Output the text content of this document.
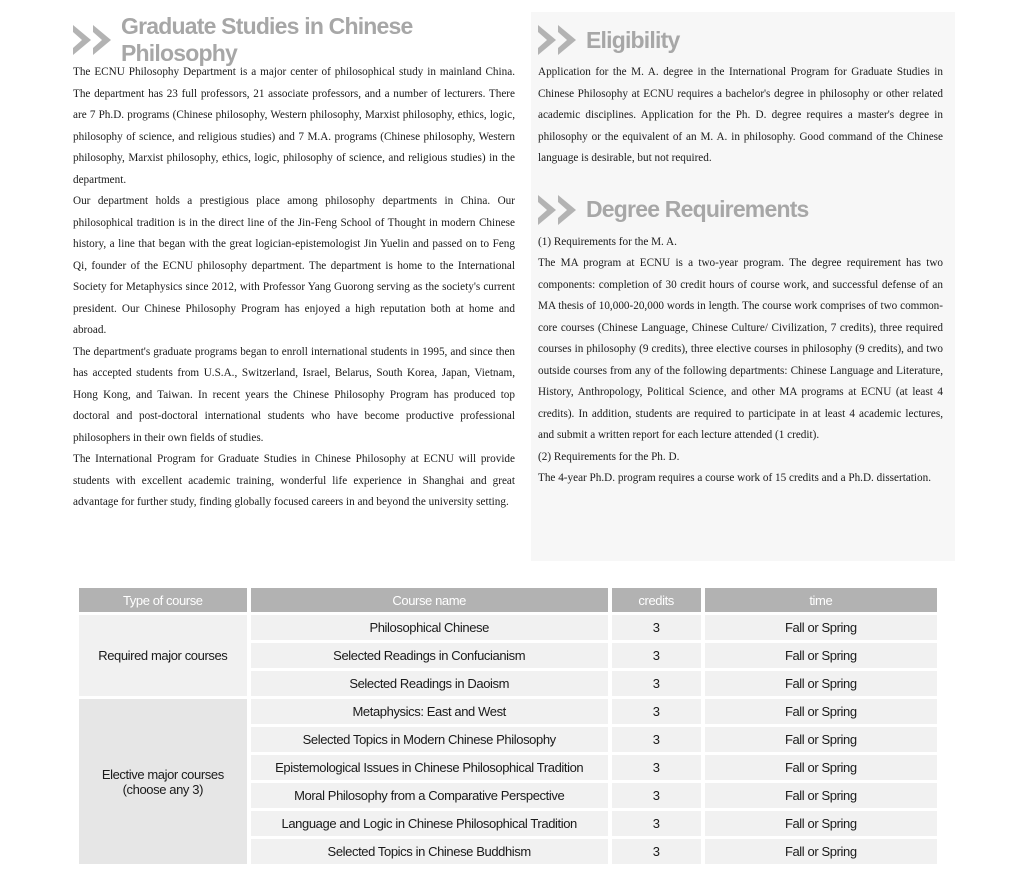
Graduate Studies in Chinese Philosophy

The ECNU Philosophy Department is a major center of philosophical study in mainland China. The department has 23 full professors, 21 associate professors, and a number of lecturers. There are 7 Ph.D. programs (Chinese philosophy, Western philosophy, Marxist philosophy, ethics, logic, philosophy of science, and religious studies) and 7 M.A. programs (Chinese philosophy, Western philosophy, Marxist philosophy, ethics, logic, philosophy of science, and religious studies) in the department.

Our department holds a prestigious place among philosophy departments in China. Our philosophical tradition is in the direct line of the Jin-Feng School of Thought in modern Chinese history, a line that began with the great logician-epistemologist Jin Yuelin and passed on to Feng Qi, founder of the ECNU philosophy department. The department is home to the International Society for Metaphysics since 2012, with Professor Yang Guorong serving as the society's current president. Our Chinese Philosophy Program has enjoyed a high reputation both at home and abroad.

The department's graduate programs began to enroll international students in 1995, and since then has accepted students from U.S.A., Switzerland, Israel, Belarus, South Korea, Japan, Vietnam, Hong Kong, and Taiwan. In recent years the Chinese Philosophy Program has produced top doctoral and post-doctoral international students who have become productive professional philosophers in their own fields of studies.

The International Program for Graduate Studies in Chinese Philosophy at ECNU will provide students with excellent academic training, wonderful life experience in Shanghai and great advantage for further study, finding globally focused careers in and beyond the university setting.

Eligibility

Application for the M. A. degree in the International Program for Graduate Studies in Chinese Philosophy at ECNU requires a bachelor's degree in philosophy or other related academic disciplines. Application for the Ph. D. degree requires a master's degree in philosophy or the equivalent of an M. A. in philosophy. Good command of the Chinese language is desirable, but not required.

Degree Requirements

(1) Requirements for the M. A.

The MA program at ECNU is a two-year program. The degree requirement has two components: completion of 30 credit hours of course work, and successful defense of an MA thesis of 10,000-20,000 words in length. The course work comprises of two common-core courses (Chinese Language, Chinese Culture/ Civilization, 7 credits), three required courses in philosophy (9 credits), three elective courses in philosophy (9 credits), and two outside courses from any of the following departments: Chinese Language and Literature, History, Anthropology, Political Science, and other MA programs at ECNU (at least 4 credits). In addition, students are required to participate in at least 4 academic lectures, and submit a written report for each lecture attended (1 credit).

(2) Requirements for the Ph. D.

The 4-year Ph.D. program requires a course work of 15 credits and a Ph.D. dissertation.

Type of course	Course name	credits	time
Required major courses	Philosophical Chinese	3	Fall or Spring
	Selected Readings in Confucianism	3	Fall or Spring
	Selected Readings in Daoism	3	Fall or Spring
Elective major courses
(choose any 3)	Metaphysics: East and West	3	Fall or Spring
	Selected Topics in Modern Chinese Philosophy	3	Fall or Spring
	Epistemological Issues in Chinese Philosophical Tradition	3	Fall or Spring
	Moral Philosophy from a Comparative Perspective	3	Fall or Spring
	Language and Logic in Chinese Philosophical Tradition	3	Fall or Spring
	Selected Topics in Chinese Buddhism	3	Fall or Spring
